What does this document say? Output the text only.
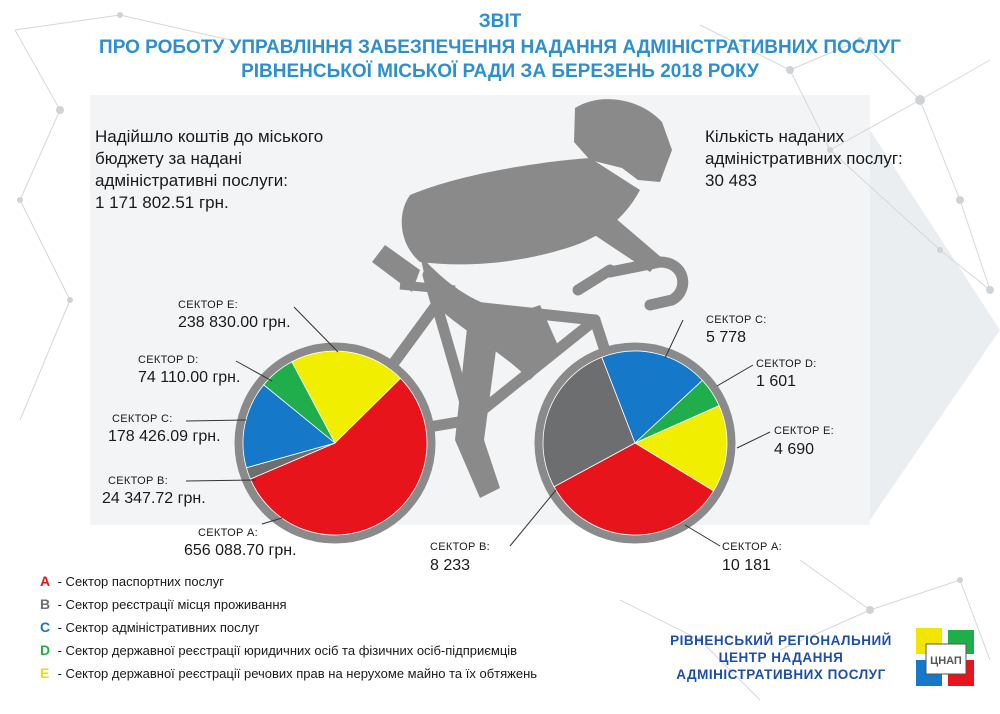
ЗВІТ
ПРО РОБОТУ УПРАВЛІННЯ ЗАБЕЗПЕЧЕННЯ НАДАННЯ АДМІНІСТРАТИВНИХ ПОСЛУГ
РІВНЕНСЬКОЇ МІСЬКОЇ РАДИ ЗА БЕРЕЗЕНЬ 2018 РОКУ
Надійшло коштів до міського
бюджету за надані
адміністративні послуги:
1 171 802.51 грн.
Кількість наданих
адміністративних послуг:
30 483
СЕКТОР E:
238 830.00 грн.
СЕКТОР D:
74 110.00 грн.
СЕКТОР C:
178 426.09 грн.
СЕКТОР B:
24 347.72 грн.
СЕКТОР A:
656 088.70 грн.
СЕКТОР C:
5 778
СЕКТОР D:
1 601
СЕКТОР E:
4 690
СЕКТОР B:
8 233
СЕКТОР A:
10 181
A - Сектор паспортних послуг
B - Сектор реєстрації місця проживання
C - Сектор адміністративних послуг
D - Сектор державної реєстрації юридичних осіб та фізичних осіб-підприємців
E - Сектор державної реєстрації речових прав на нерухоме майно та їх обтяжень
РІВНЕНСЬКИЙ РЕГІОНАЛЬНИЙ
ЦЕНТР НАДАННЯ
АДМІНІСТРАТИВНИХ ПОСЛУГ
ЦНАП
